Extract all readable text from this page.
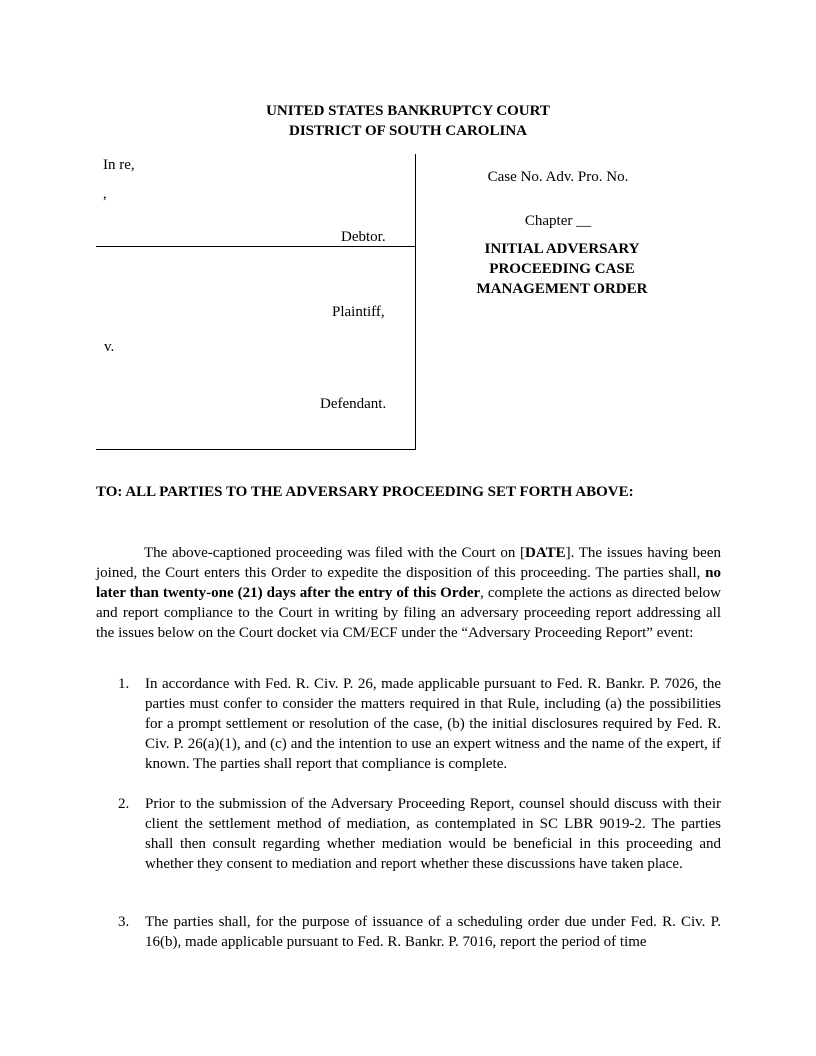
UNITED STATES BANKRUPTCY COURT
DISTRICT OF SOUTH CAROLINA
In re,
,
Debtor.
Plaintiff,
v.
Defendant.
Case No. Adv. Pro. No.
Chapter __
INITIAL ADVERSARY
PROCEEDING CASE
MANAGEMENT ORDER
TO: ALL PARTIES TO THE ADVERSARY PROCEEDING SET FORTH ABOVE:
The above-captioned proceeding was filed with the Court on [DATE]. The issues having been joined, the Court enters this Order to expedite the disposition of this proceeding. The parties shall, no later than twenty-one (21) days after the entry of this Order, complete the actions as directed below and report compliance to the Court in writing by filing an adversary proceeding report addressing all the issues below on the Court docket via CM/ECF under the “Adversary Proceeding Report” event:
1. In accordance with Fed. R. Civ. P. 26, made applicable pursuant to Fed. R. Bankr. P. 7026, the parties must confer to consider the matters required in that Rule, including (a) the possibilities for a prompt settlement or resolution of the case, (b) the initial disclosures required by Fed. R. Civ. P. 26(a)(1), and (c) and the intention to use an expert witness and the name of the expert, if known. The parties shall report that compliance is complete.
2. Prior to the submission of the Adversary Proceeding Report, counsel should discuss with their client the settlement method of mediation, as contemplated in SC LBR 9019-2. The parties shall then consult regarding whether mediation would be beneficial in this proceeding and whether they consent to mediation and report whether these discussions have taken place.
3. The parties shall, for the purpose of issuance of a scheduling order due under Fed. R. Civ. P. 16(b), made applicable pursuant to Fed. R. Bankr. P. 7016, report the period of time
